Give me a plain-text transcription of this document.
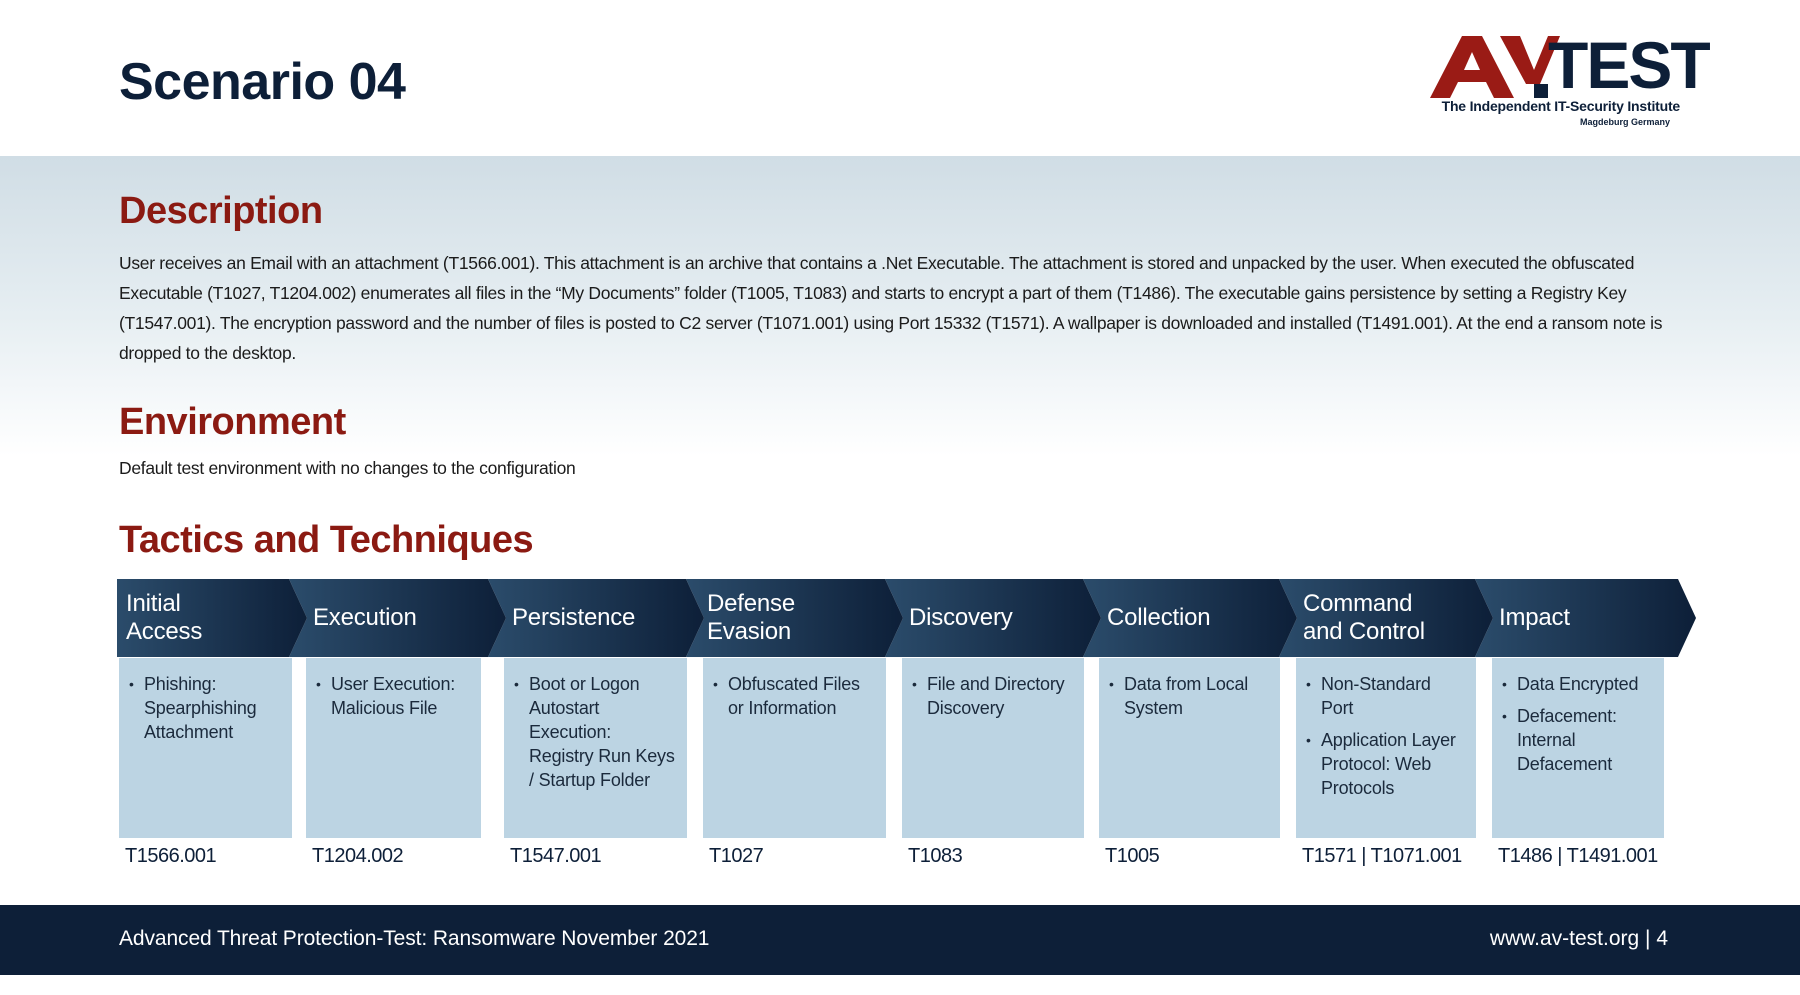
Scenario 04	TEST
The Independent IT-Security Institute
Magdeburg Germany
Description

User receives an Email with an attachment (T1566.001). This attachment is an archive that contains a .Net Executable. The attachment is stored and unpacked by the user. When executed the obfuscated Executable (T1027, T1204.002) enumerates all files in the “My Documents” folder (T1005, T1083) and starts to encrypt a part of them (T1486). The executable gains persistence by setting a Registry Key (T1547.001). The encryption password and the number of files is posted to C2 server (T1071.001) using Port 15332 (T1571). A wallpaper is downloaded and installed (T1491.001). At the end a ransom note is dropped to the desktop.

Environment

Default test environment with no changes to the configuration

Tactics and Techniques
Initial Access
• Phishing: Spearphishing Attachment
T1566.001
Execution
• User Execution: Malicious File
T1204.002
Persistence
• Boot or Logon Autostart Execution: Registry Run Keys / Startup Folder
T1547.001
Defense Evasion
• Obfuscated Files or Information
T1027
Discovery
• File and Directory Discovery
T1083
Collection
• Data from Local System
T1005
Command and Control
• Non-Standard Port
• Application Layer Protocol: Web Protocols
T1571 | T1071.001
Impact
• Data Encrypted
• Defacement: Internal Defacement
T1486 | T1491.001
Advanced Threat Protection-Test: Ransomware November 2021	www.av-test.org | 4
